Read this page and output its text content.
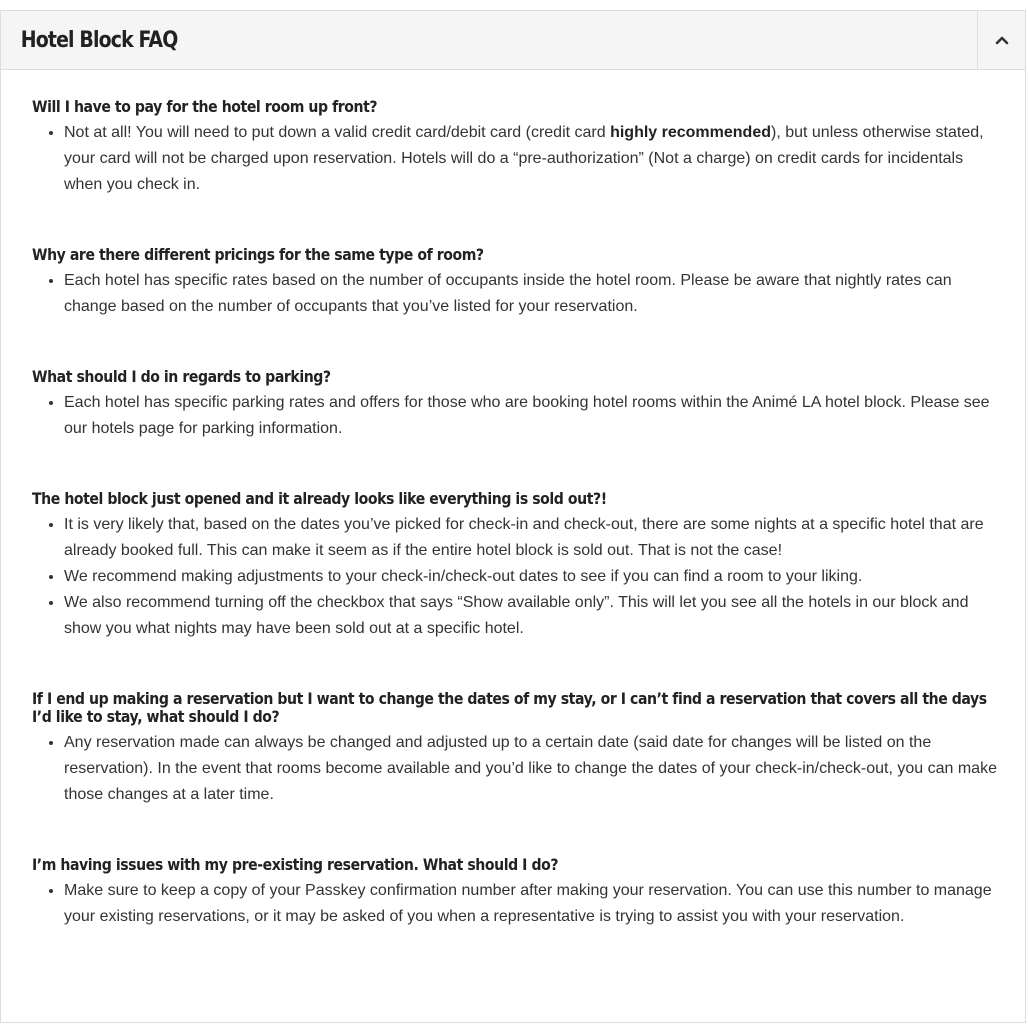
Hotel Block FAQ
Will I have to pay for the hotel room up front?
• Not at all! You will need to put down a valid credit card/debit card (credit card highly recommended), but unless otherwise stated, your card will not be charged upon reservation. Hotels will do a “pre-authorization” (Not a charge) on credit cards for incidentals when you check in.
Why are there different pricings for the same type of room?
• Each hotel has specific rates based on the number of occupants inside the hotel room. Please be aware that nightly rates can change based on the number of occupants that you’ve listed for your reservation.
What should I do in regards to parking?
• Each hotel has specific parking rates and offers for those who are booking hotel rooms within the Animé LA hotel block. Please see our hotels page for parking information.
The hotel block just opened and it already looks like everything is sold out?!
• It is very likely that, based on the dates you’ve picked for check-in and check-out, there are some nights at a specific hotel that are already booked full. This can make it seem as if the entire hotel block is sold out. That is not the case!
• We recommend making adjustments to your check-in/check-out dates to see if you can find a room to your liking.
• We also recommend turning off the checkbox that says “Show available only”. This will let you see all the hotels in our block and show you what nights may have been sold out at a specific hotel.
If I end up making a reservation but I want to change the dates of my stay, or I can’t find a reservation that covers all the days I’d like to stay, what should I do?
• Any reservation made can always be changed and adjusted up to a certain date (said date for changes will be listed on the reservation). In the event that rooms become available and you’d like to change the dates of your check-in/check-out, you can make those changes at a later time.
I’m having issues with my pre-existing reservation. What should I do?
• Make sure to keep a copy of your Passkey confirmation number after making your reservation. You can use this number to manage your existing reservations, or it may be asked of you when a representative is trying to assist you with your reservation.
